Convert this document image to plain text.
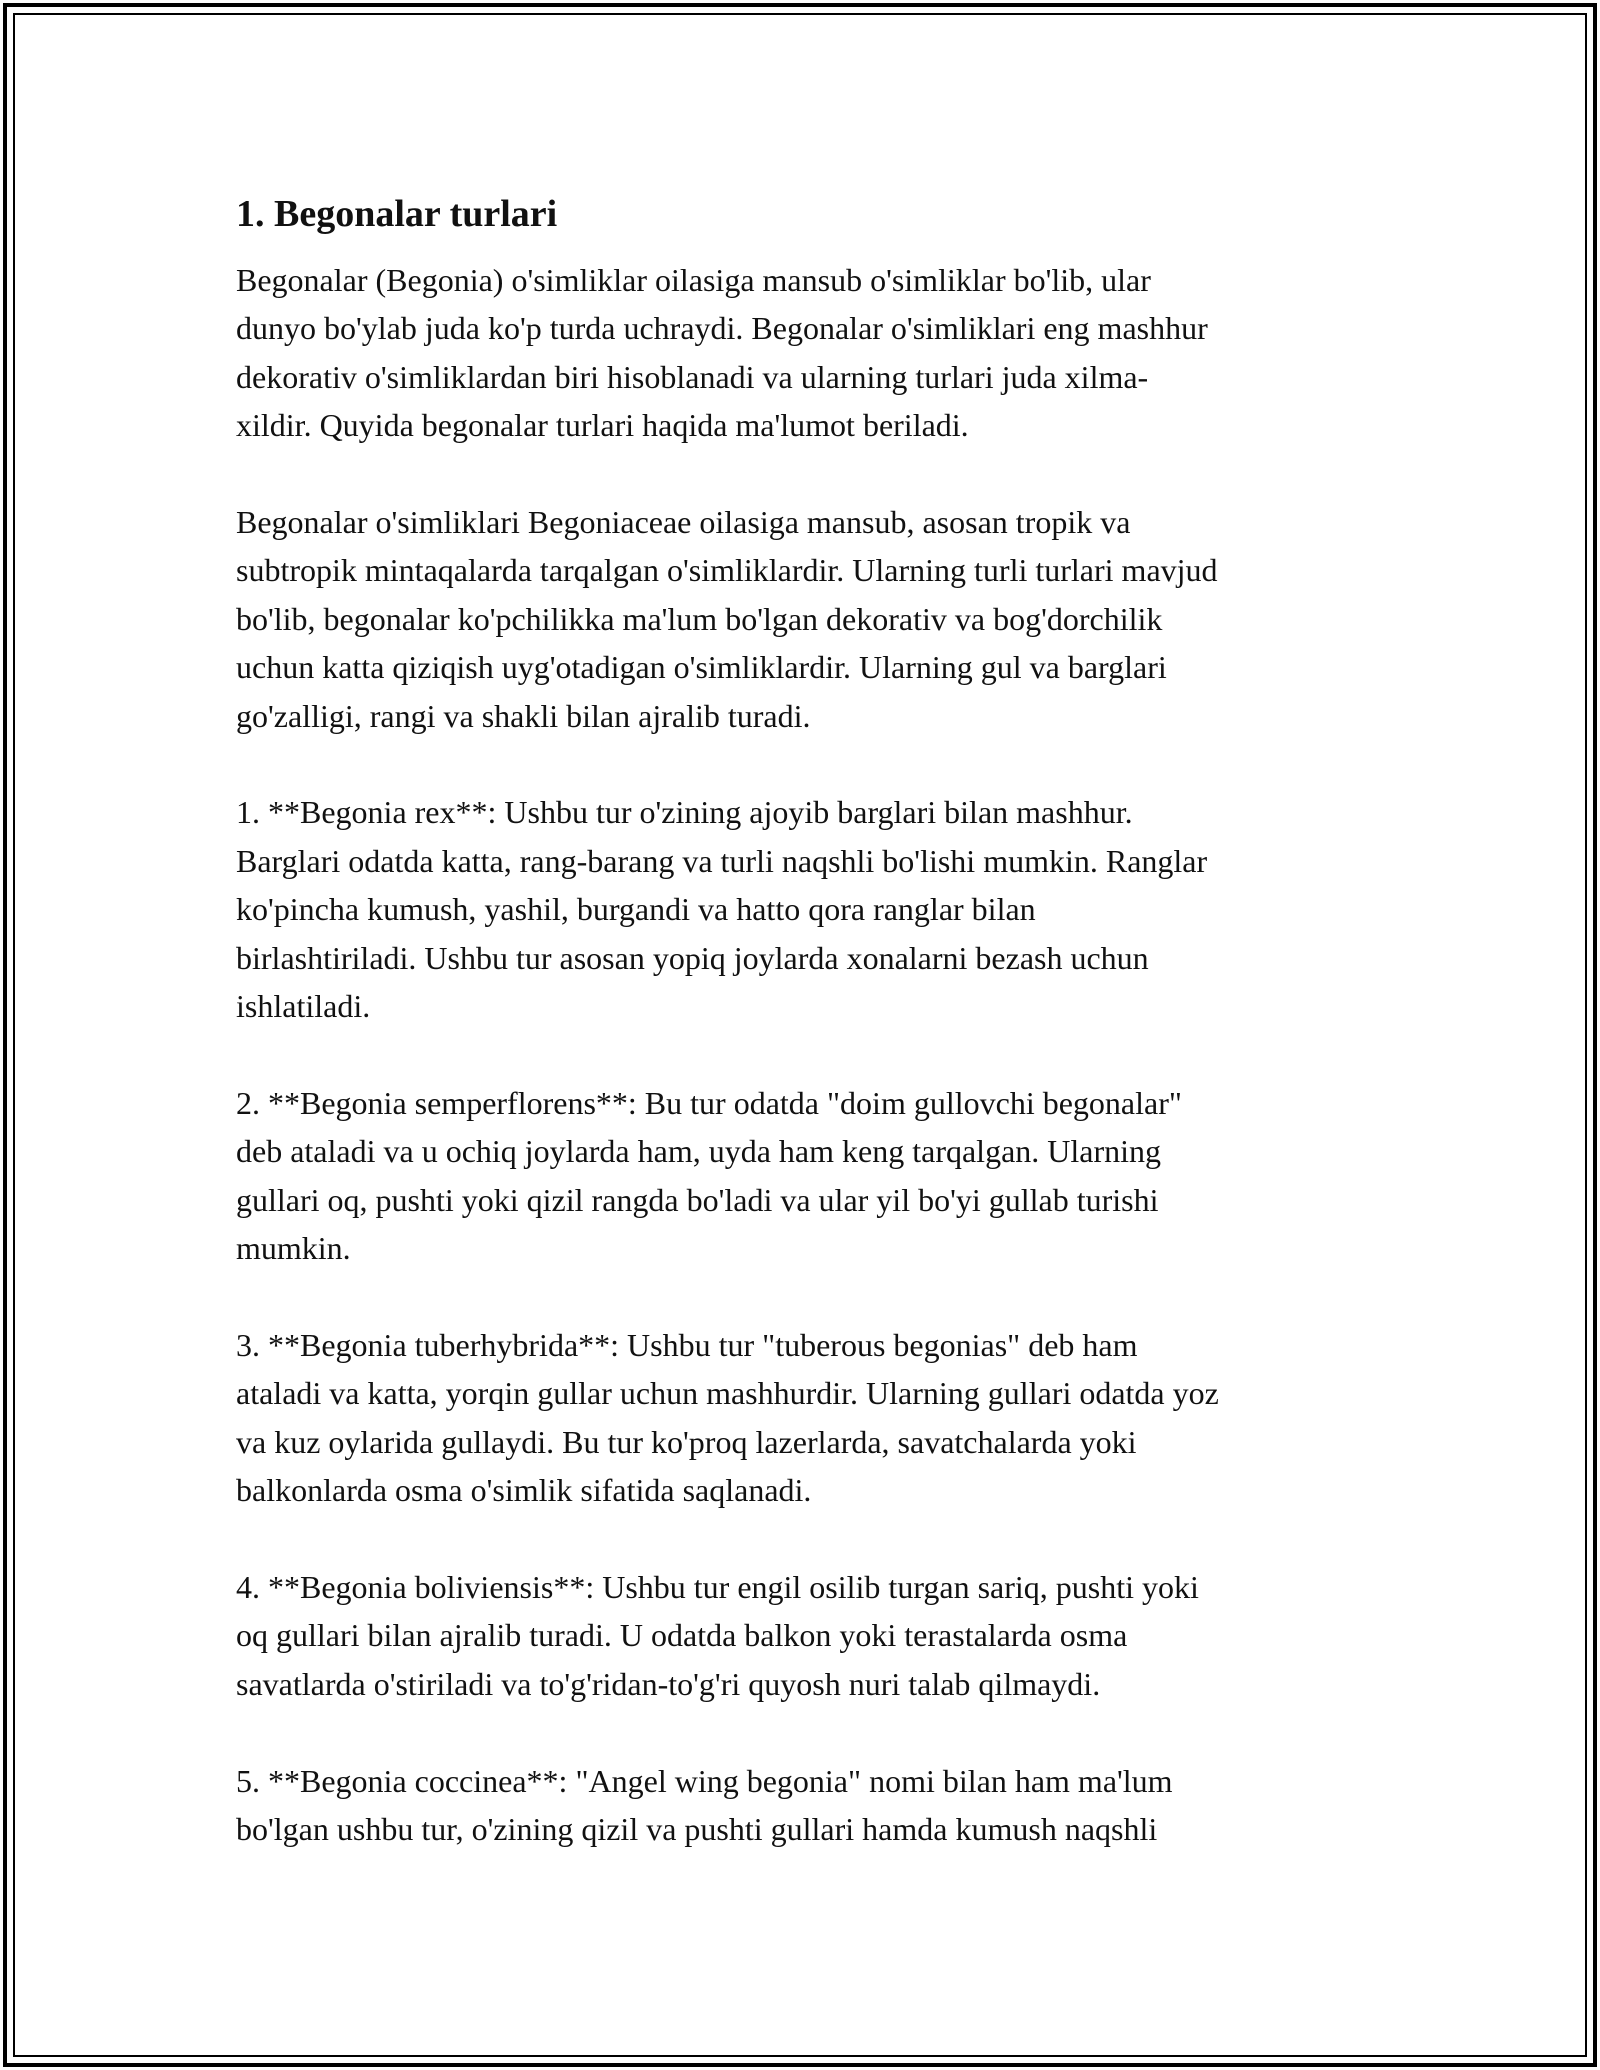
1. Begonalar turlari

Begonalar (Begonia) o'simliklar oilasiga mansub o'simliklar bo'lib, ular
dunyo bo'ylab juda ko'p turda uchraydi. Begonalar o'simliklari eng mashhur
dekorativ o'simliklardan biri hisoblanadi va ularning turlari juda xilma-
xildir. Quyida begonalar turlari haqida ma'lumot beriladi.

Begonalar o'simliklari Begoniaceae oilasiga mansub, asosan tropik va
subtropik mintaqalarda tarqalgan o'simliklardir. Ularning turli turlari mavjud
bo'lib, begonalar ko'pchilikka ma'lum bo'lgan dekorativ va bog'dorchilik
uchun katta qiziqish uyg'otadigan o'simliklardir. Ularning gul va barglari
go'zalligi, rangi va shakli bilan ajralib turadi.

1. **Begonia rex**: Ushbu tur o'zining ajoyib barglari bilan mashhur.
Barglari odatda katta, rang-barang va turli naqshli bo'lishi mumkin. Ranglar
ko'pincha kumush, yashil, burgandi va hatto qora ranglar bilan
birlashtiriladi. Ushbu tur asosan yopiq joylarda xonalarni bezash uchun
ishlatiladi.

2. **Begonia semperflorens**: Bu tur odatda "doim gullovchi begonalar"
deb ataladi va u ochiq joylarda ham, uyda ham keng tarqalgan. Ularning
gullari oq, pushti yoki qizil rangda bo'ladi va ular yil bo'yi gullab turishi
mumkin.

3. **Begonia tuberhybrida**: Ushbu tur "tuberous begonias" deb ham
ataladi va katta, yorqin gullar uchun mashhurdir. Ularning gullari odatda yoz
va kuz oylarida gullaydi. Bu tur ko'proq lazerlarda, savatchalarda yoki
balkonlarda osma o'simlik sifatida saqlanadi.

4. **Begonia boliviensis**: Ushbu tur engil osilib turgan sariq, pushti yoki
oq gullari bilan ajralib turadi. U odatda balkon yoki terastalarda osma
savatlarda o'stiriladi va to'g'ridan-to'g'ri quyosh nuri talab qilmaydi.

5. **Begonia coccinea**: "Angel wing begonia" nomi bilan ham ma'lum
bo'lgan ushbu tur, o'zining qizil va pushti gullari hamda kumush naqshli
